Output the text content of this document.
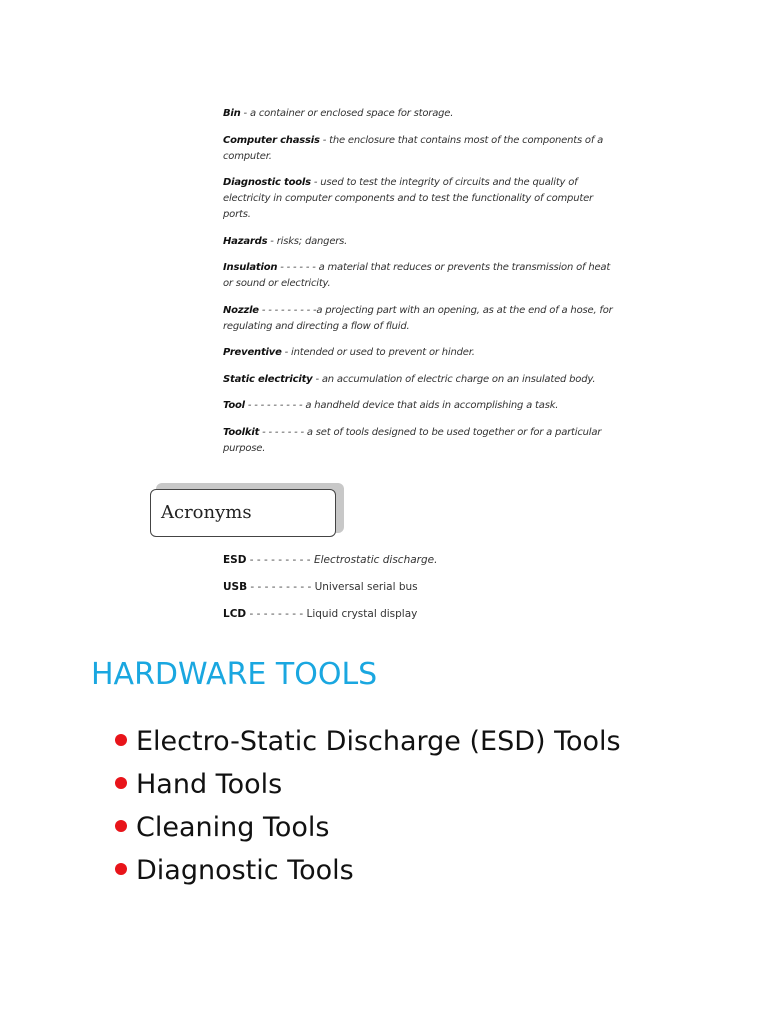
Bin - a container or enclosed space for storage.
Computer chassis - the enclosure that contains most of the components of a computer.
Diagnostic tools - used to test the integrity of circuits and the quality of electricity in computer components and to test the functionality of computer ports.
Hazards - risks; dangers.
Insulation - - - - - - a material that reduces or prevents the transmission of heat or sound or electricity.
Nozzle - - - - - - - - -a projecting part with an opening, as at the end of a hose, for regulating and directing a flow of fluid.
Preventive - intended or used to prevent or hinder.
Static electricity - an accumulation of electric charge on an insulated body.
Tool - - - - - - - - - a handheld device that aids in accomplishing a task.
Toolkit - - - - - - - a set of tools designed to be used together or for a particular purpose.
Acronyms
ESD - - - - - - - - - Electrostatic discharge.
USB - - - - - - - - - Universal serial bus
LCD - - - - - - - - Liquid crystal display
HARDWARE TOOLS
Electro-Static Discharge (ESD) Tools
Hand Tools
Cleaning Tools
Diagnostic Tools
